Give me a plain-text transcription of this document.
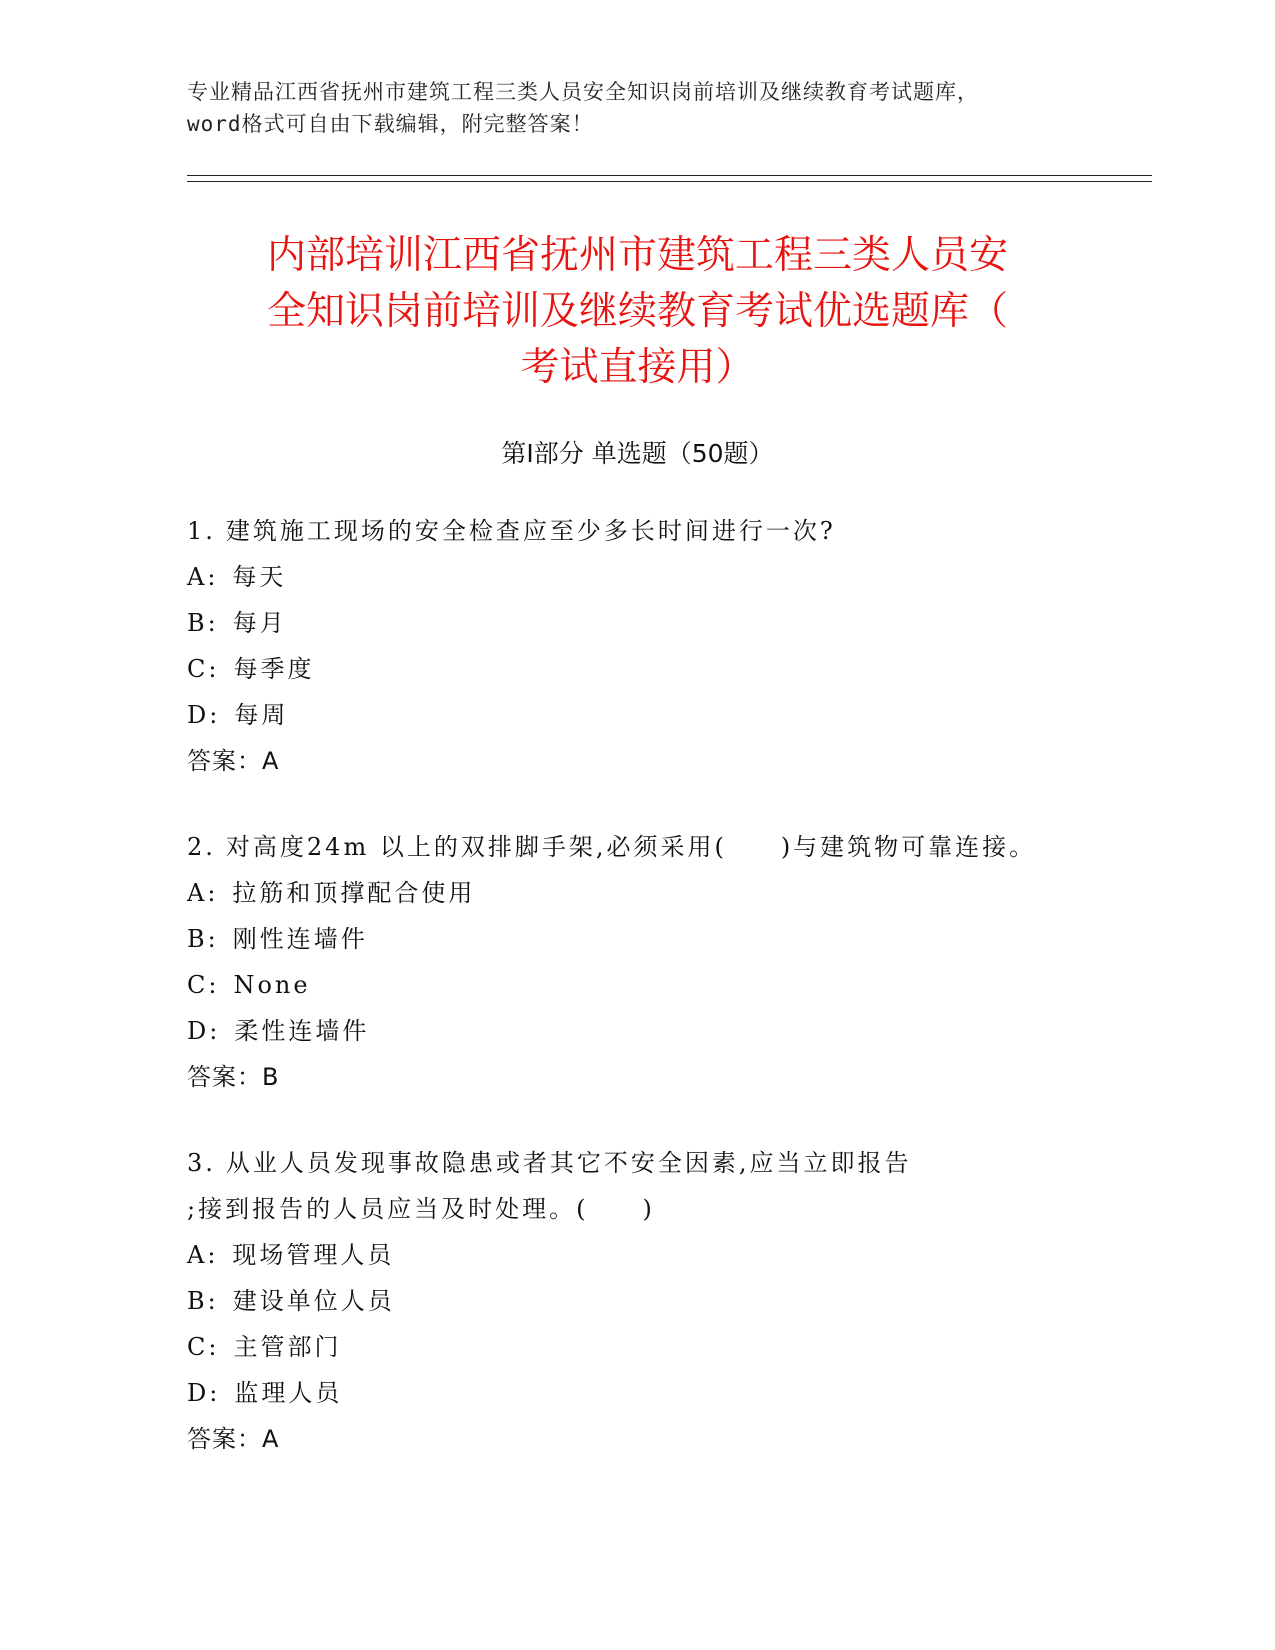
专业精品江西省抚州市建筑工程三类人员安全知识岗前培训及继续教育考试题库，
word格式可自由下载编辑，附完整答案！
内部培训江西省抚州市建筑工程三类人员安
全知识岗前培训及继续教育考试优选题库（
考试直接用）
第Ⅰ部分 单选题（50题）
1. 建筑施工现场的安全检查应至少多长时间进行一次?
A: 每天
B: 每月
C: 每季度
D: 每周
答案：A
2. 对高度24m 以上的双排脚手架,必须采用(　　)与建筑物可靠连接。
A: 拉筋和顶撑配合使用
B: 刚性连墙件
C: None
D: 柔性连墙件
答案：B
3. 从业人员发现事故隐患或者其它不安全因素,应当立即报告
;接到报告的人员应当及时处理。(　　)
A: 现场管理人员
B: 建设单位人员
C: 主管部门
D: 监理人员
答案：A
